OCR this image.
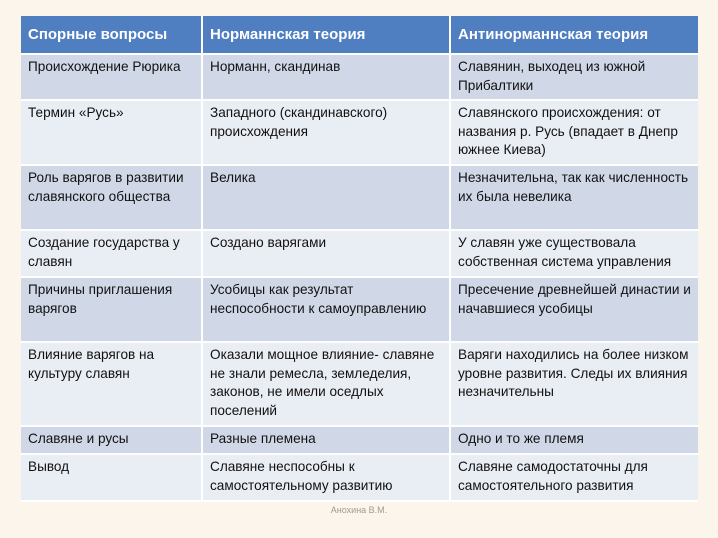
Спорные вопросы	Норманнская теория	Антинорманнская теория
Происхождение Рюрика	Норманн, скандинав	Славянин, выходец из южной Прибалтики
Термин «Русь»	Западного (скандинавского) происхождения	Славянского происхождения: от названия р. Русь (впадает в Днепр южнее Киева)
Роль варягов в развитии славянского общества	Велика	Незначительна, так как численность их была невелика
Создание государства у славян	Создано варягами	У славян уже существовала собственная система управления
Причины приглашения варягов	Усобицы как результат неспособности к самоуправлению	Пресечение древнейшей династии и начавшиеся усобицы
Влияние варягов на культуру славян	Оказали мощное влияние- славяне не знали ремесла, земледелия, законов, не имели оседлых поселений	Варяги находились на более низком уровне развития. Следы их влияния незначительны
Славяне и русы	Разные племена	Одно и то же племя
Вывод	Славяне неспособны к самостоятельному развитию	Славяне самодостаточны для самостоятельного развития
Анохина В.М.
